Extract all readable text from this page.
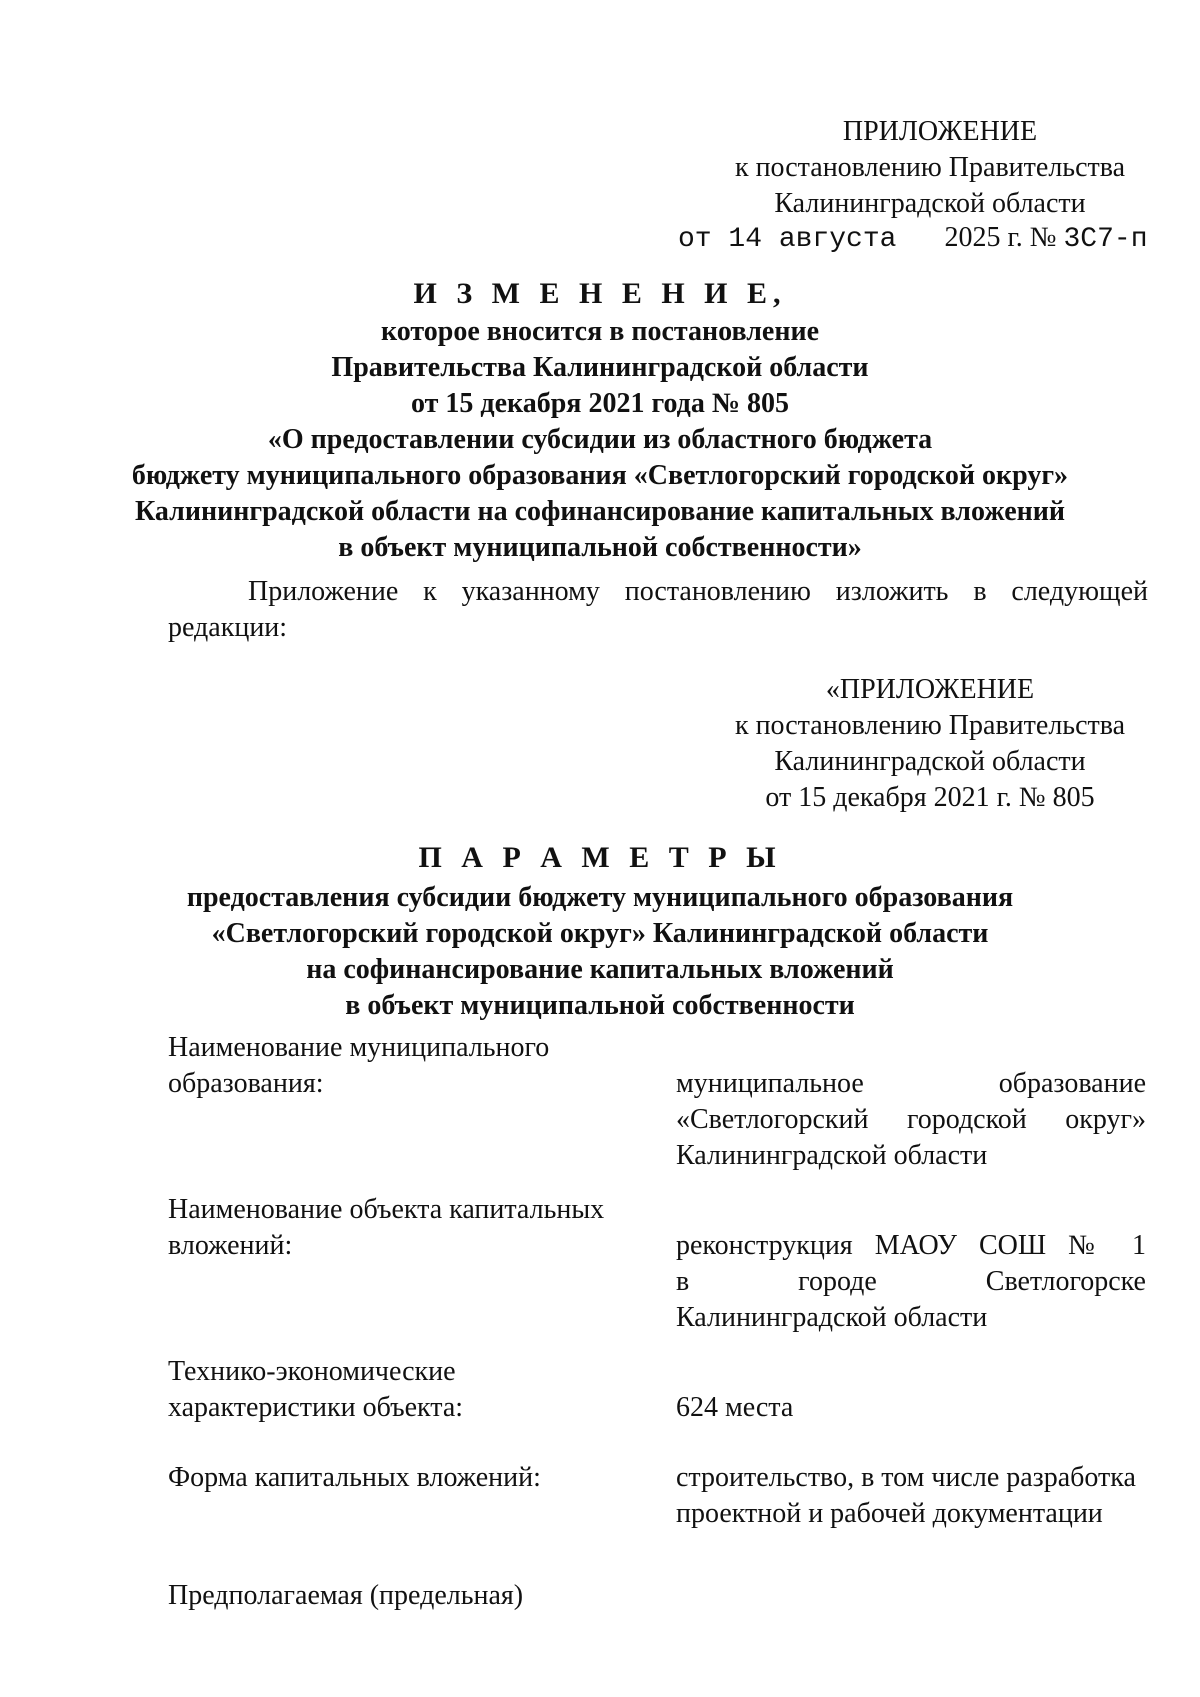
ПРИЛОЖЕНИЕ
к постановлению Правительства
Калининградской области
от 14 августа 2025 г. № 3С7-п
И З М Е Н Е Н И Е,
которое вносится в постановление
Правительства Калининградской области
от 15 декабря 2021 года № 805
«О предоставлении субсидии из областного бюджета
бюджету муниципального образования «Светлогорский городской округ»
Калининградской области на софинансирование капитальных вложений
в объект муниципальной собственности»
Приложение к указанному постановлению изложить в следующей
редакции:
«ПРИЛОЖЕНИЕ
к постановлению Правительства
Калининградской области
от 15 декабря 2021 г. № 805
П А Р А М Е Т Р Ы
предоставления субсидии бюджету муниципального образования
«Светлогорский городской округ» Калининградской области
на софинансирование капитальных вложений
в объект муниципальной собственности
Наименование муниципального
образования:	муниципальное образование
«Светлогорский городской округ»
Калининградской области
Наименование объекта капитальных
вложений:	реконструкция МАОУ СОШ № 1
в городе Светлогорске
Калининградской области
Технико-экономические
характеристики объекта:	624 места
Форма капитальных вложений:	строительство, в том числе разработка
проектной и рабочей документации
Предполагаемая (предельная)
